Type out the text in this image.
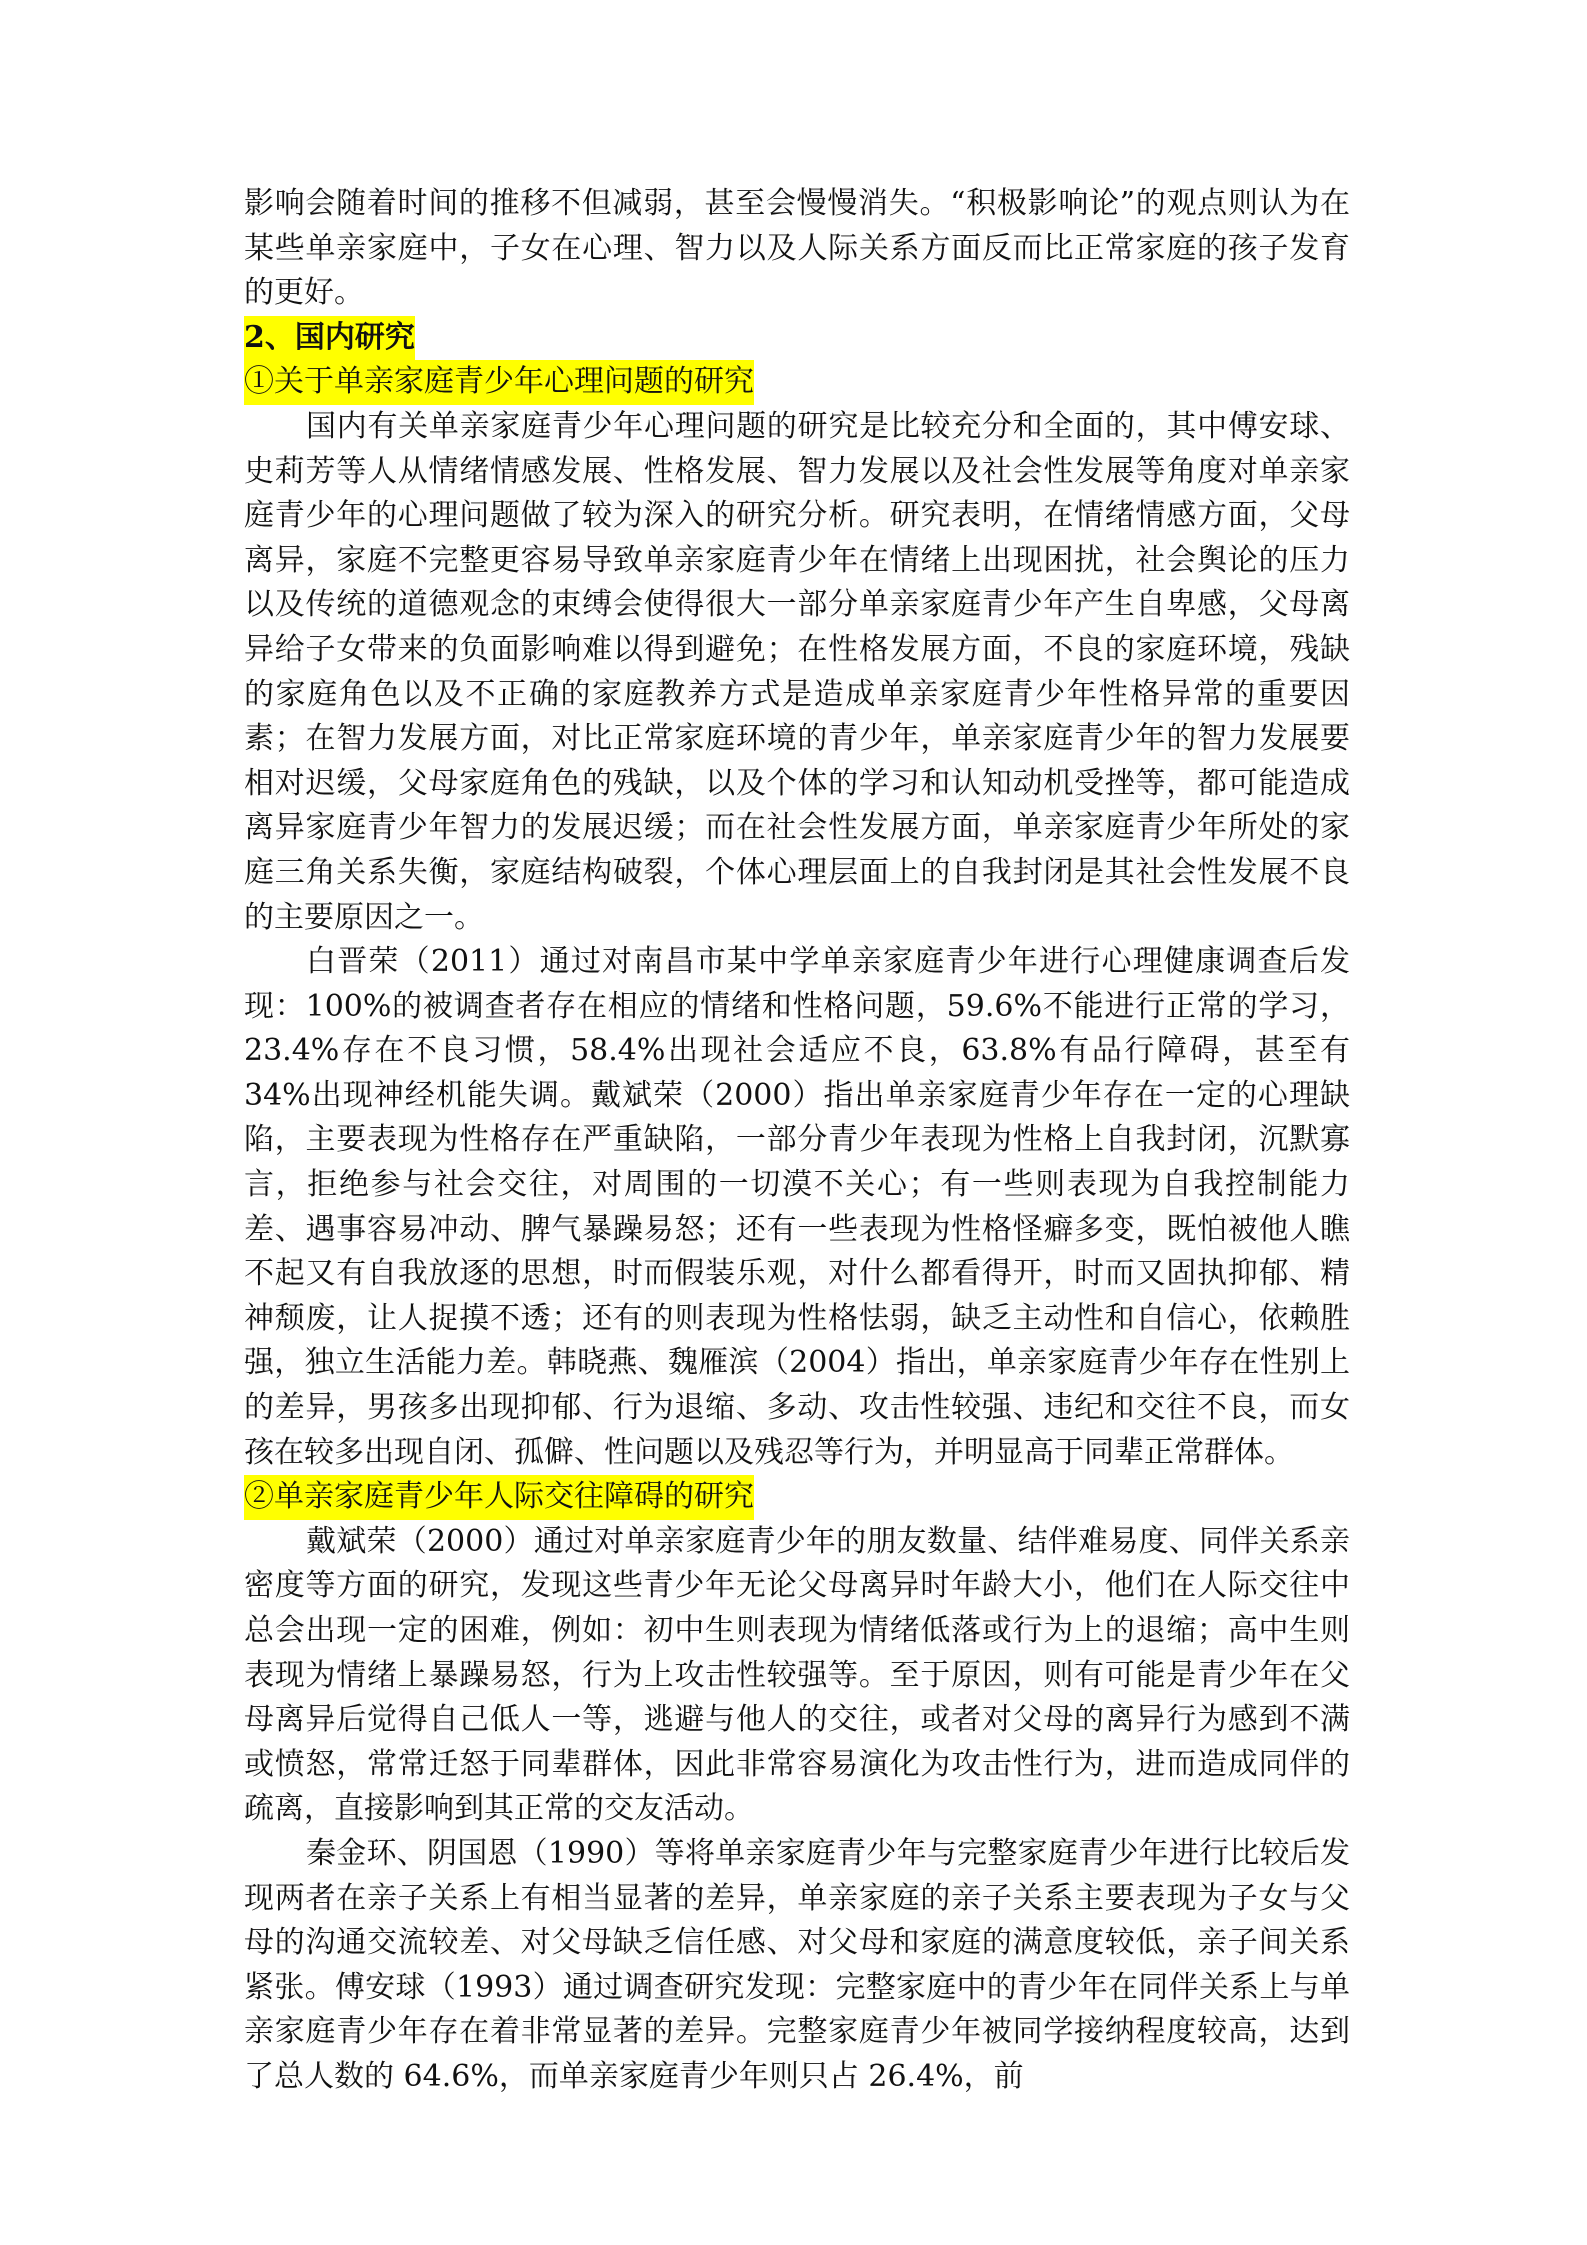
影响会随着时间的推移不但减弱，甚至会慢慢消失。“积极影响论”的观点则认为在某些单亲家庭中，子女在心理、智力以及人际关系方面反而比正常家庭的孩子发育的更好。

2、国内研究

①关于单亲家庭青少年心理问题的研究

国内有关单亲家庭青少年心理问题的研究是比较充分和全面的，其中傅安球、史莉芳等人从情绪情感发展、性格发展、智力发展以及社会性发展等角度对单亲家庭青少年的心理问题做了较为深入的研究分析。研究表明，在情绪情感方面，父母离异，家庭不完整更容易导致单亲家庭青少年在情绪上出现困扰，社会舆论的压力以及传统的道德观念的束缚会使得很大一部分单亲家庭青少年产生自卑感，父母离异给子女带来的负面影响难以得到避免；在性格发展方面，不良的家庭环境，残缺的家庭角色以及不正确的家庭教养方式是造成单亲家庭青少年性格异常的重要因素；在智力发展方面，对比正常家庭环境的青少年，单亲家庭青少年的智力发展要相对迟缓，父母家庭角色的残缺，以及个体的学习和认知动机受挫等，都可能造成离异家庭青少年智力的发展迟缓；而在社会性发展方面，单亲家庭青少年所处的家庭三角关系失衡，家庭结构破裂，个体心理层面上的自我封闭是其社会性发展不良的主要原因之一。

白晋荣（2011）通过对南昌市某中学单亲家庭青少年进行心理健康调查后发现：100%的被调查者存在相应的情绪和性格问题，59.6%不能进行正常的学习，23.4%存在不良习惯，58.4%出现社会适应不良，63.8%有品行障碍，甚至有 34%出现神经机能失调。戴斌荣（2000）指出单亲家庭青少年存在一定的心理缺陷，主要表现为性格存在严重缺陷，一部分青少年表现为性格上自我封闭，沉默寡言，拒绝参与社会交往，对周围的一切漠不关心；有一些则表现为自我控制能力差、遇事容易冲动、脾气暴躁易怒；还有一些表现为性格怪癖多变，既怕被他人瞧不起又有自我放逐的思想，时而假装乐观，对什么都看得开，时而又固执抑郁、精神颓废，让人捉摸不透；还有的则表现为性格怯弱，缺乏主动性和自信心，依赖胜强，独立生活能力差。韩晓燕、魏雁滨（2004）指出，单亲家庭青少年存在性别上的差异，男孩多出现抑郁、行为退缩、多动、攻击性较强、违纪和交往不良，而女孩在较多出现自闭、孤僻、性问题以及残忍等行为，并明显高于同辈正常群体。

②单亲家庭青少年人际交往障碍的研究

戴斌荣（2000）通过对单亲家庭青少年的朋友数量、结伴难易度、同伴关系亲密度等方面的研究，发现这些青少年无论父母离异时年龄大小，他们在人际交往中总会出现一定的困难，例如：初中生则表现为情绪低落或行为上的退缩；高中生则表现为情绪上暴躁易怒，行为上攻击性较强等。至于原因，则有可能是青少年在父母离异后觉得自己低人一等，逃避与他人的交往，或者对父母的离异行为感到不满或愤怒，常常迁怒于同辈群体，因此非常容易演化为攻击性行为，进而造成同伴的疏离，直接影响到其正常的交友活动。

秦金环、阴国恩（1990）等将单亲家庭青少年与完整家庭青少年进行比较后发现两者在亲子关系上有相当显著的差异，单亲家庭的亲子关系主要表现为子女与父母的沟通交流较差、对父母缺乏信任感、对父母和家庭的满意度较低，亲子间关系紧张。傅安球（1993）通过调查研究发现：完整家庭中的青少年在同伴关系上与单亲家庭青少年存在着非常显著的差异。完整家庭青少年被同学接纳程度较高，达到了总人数的 64.6%，而单亲家庭青少年则只占 26.4%，前
